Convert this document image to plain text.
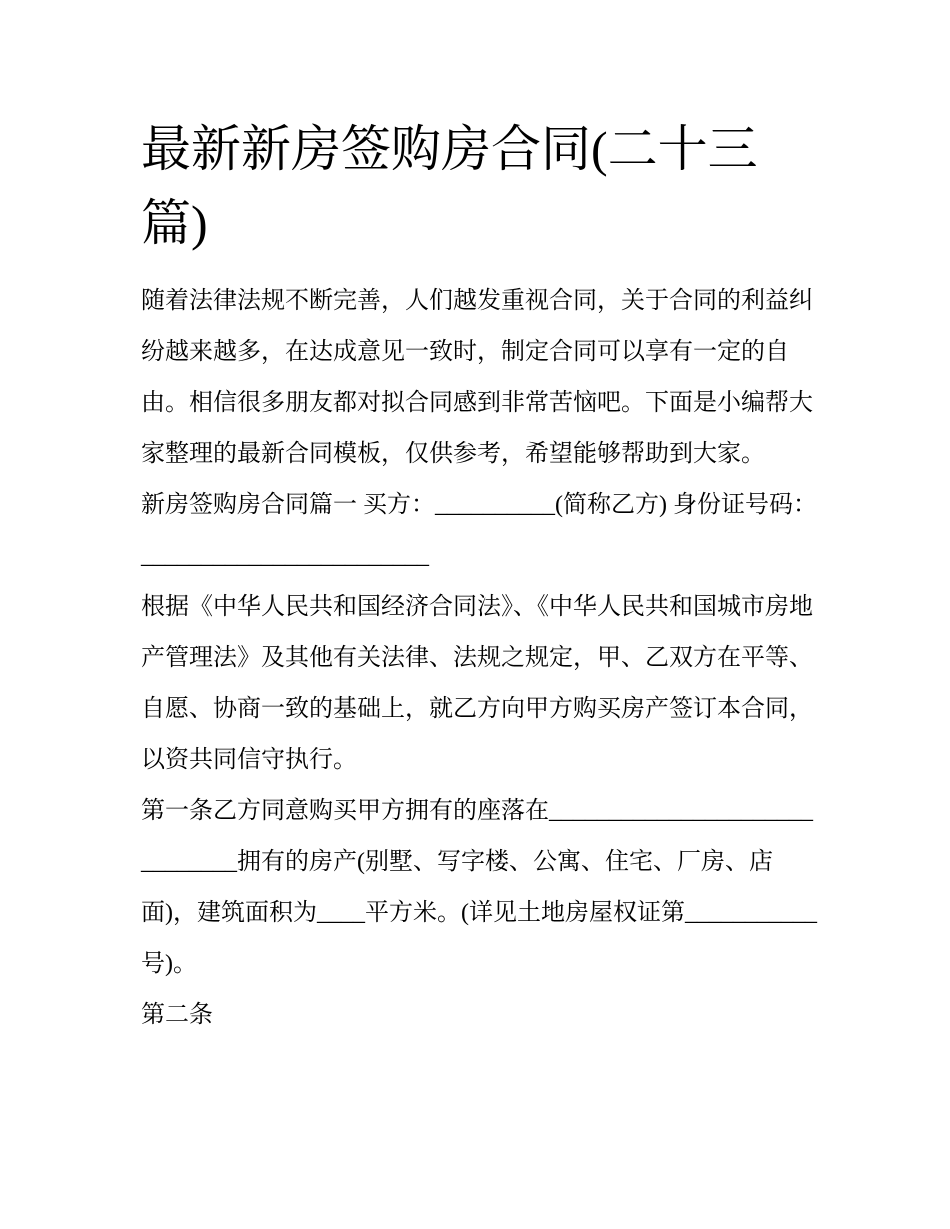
最新新房签购房合同(二十三篇)

随着法律法规不断完善，人们越发重视合同，关于合同的利益纠纷越来越多，在达成意见一致时，制定合同可以享有一定的自由。相信很多朋友都对拟合同感到非常苦恼吧。下面是小编帮大家整理的最新合同模板，仅供参考，希望能够帮助到大家。

新房签购房合同篇一 买方：__________(简称乙方) 身份证号码：________________________

根据《中华人民共和国经济合同法》、《中华人民共和国城市房地产管理法》及其他有关法律、法规之规定，甲、乙双方在平等、自愿、协商一致的基础上，就乙方向甲方购买房产签订本合同，以资共同信守执行。

第一条乙方同意购买甲方拥有的座落在______________________________拥有的房产(别墅、写字楼、公寓、住宅、厂房、店面)，建筑面积为____平方米。(详见土地房屋权证第___________号)。

第二条
